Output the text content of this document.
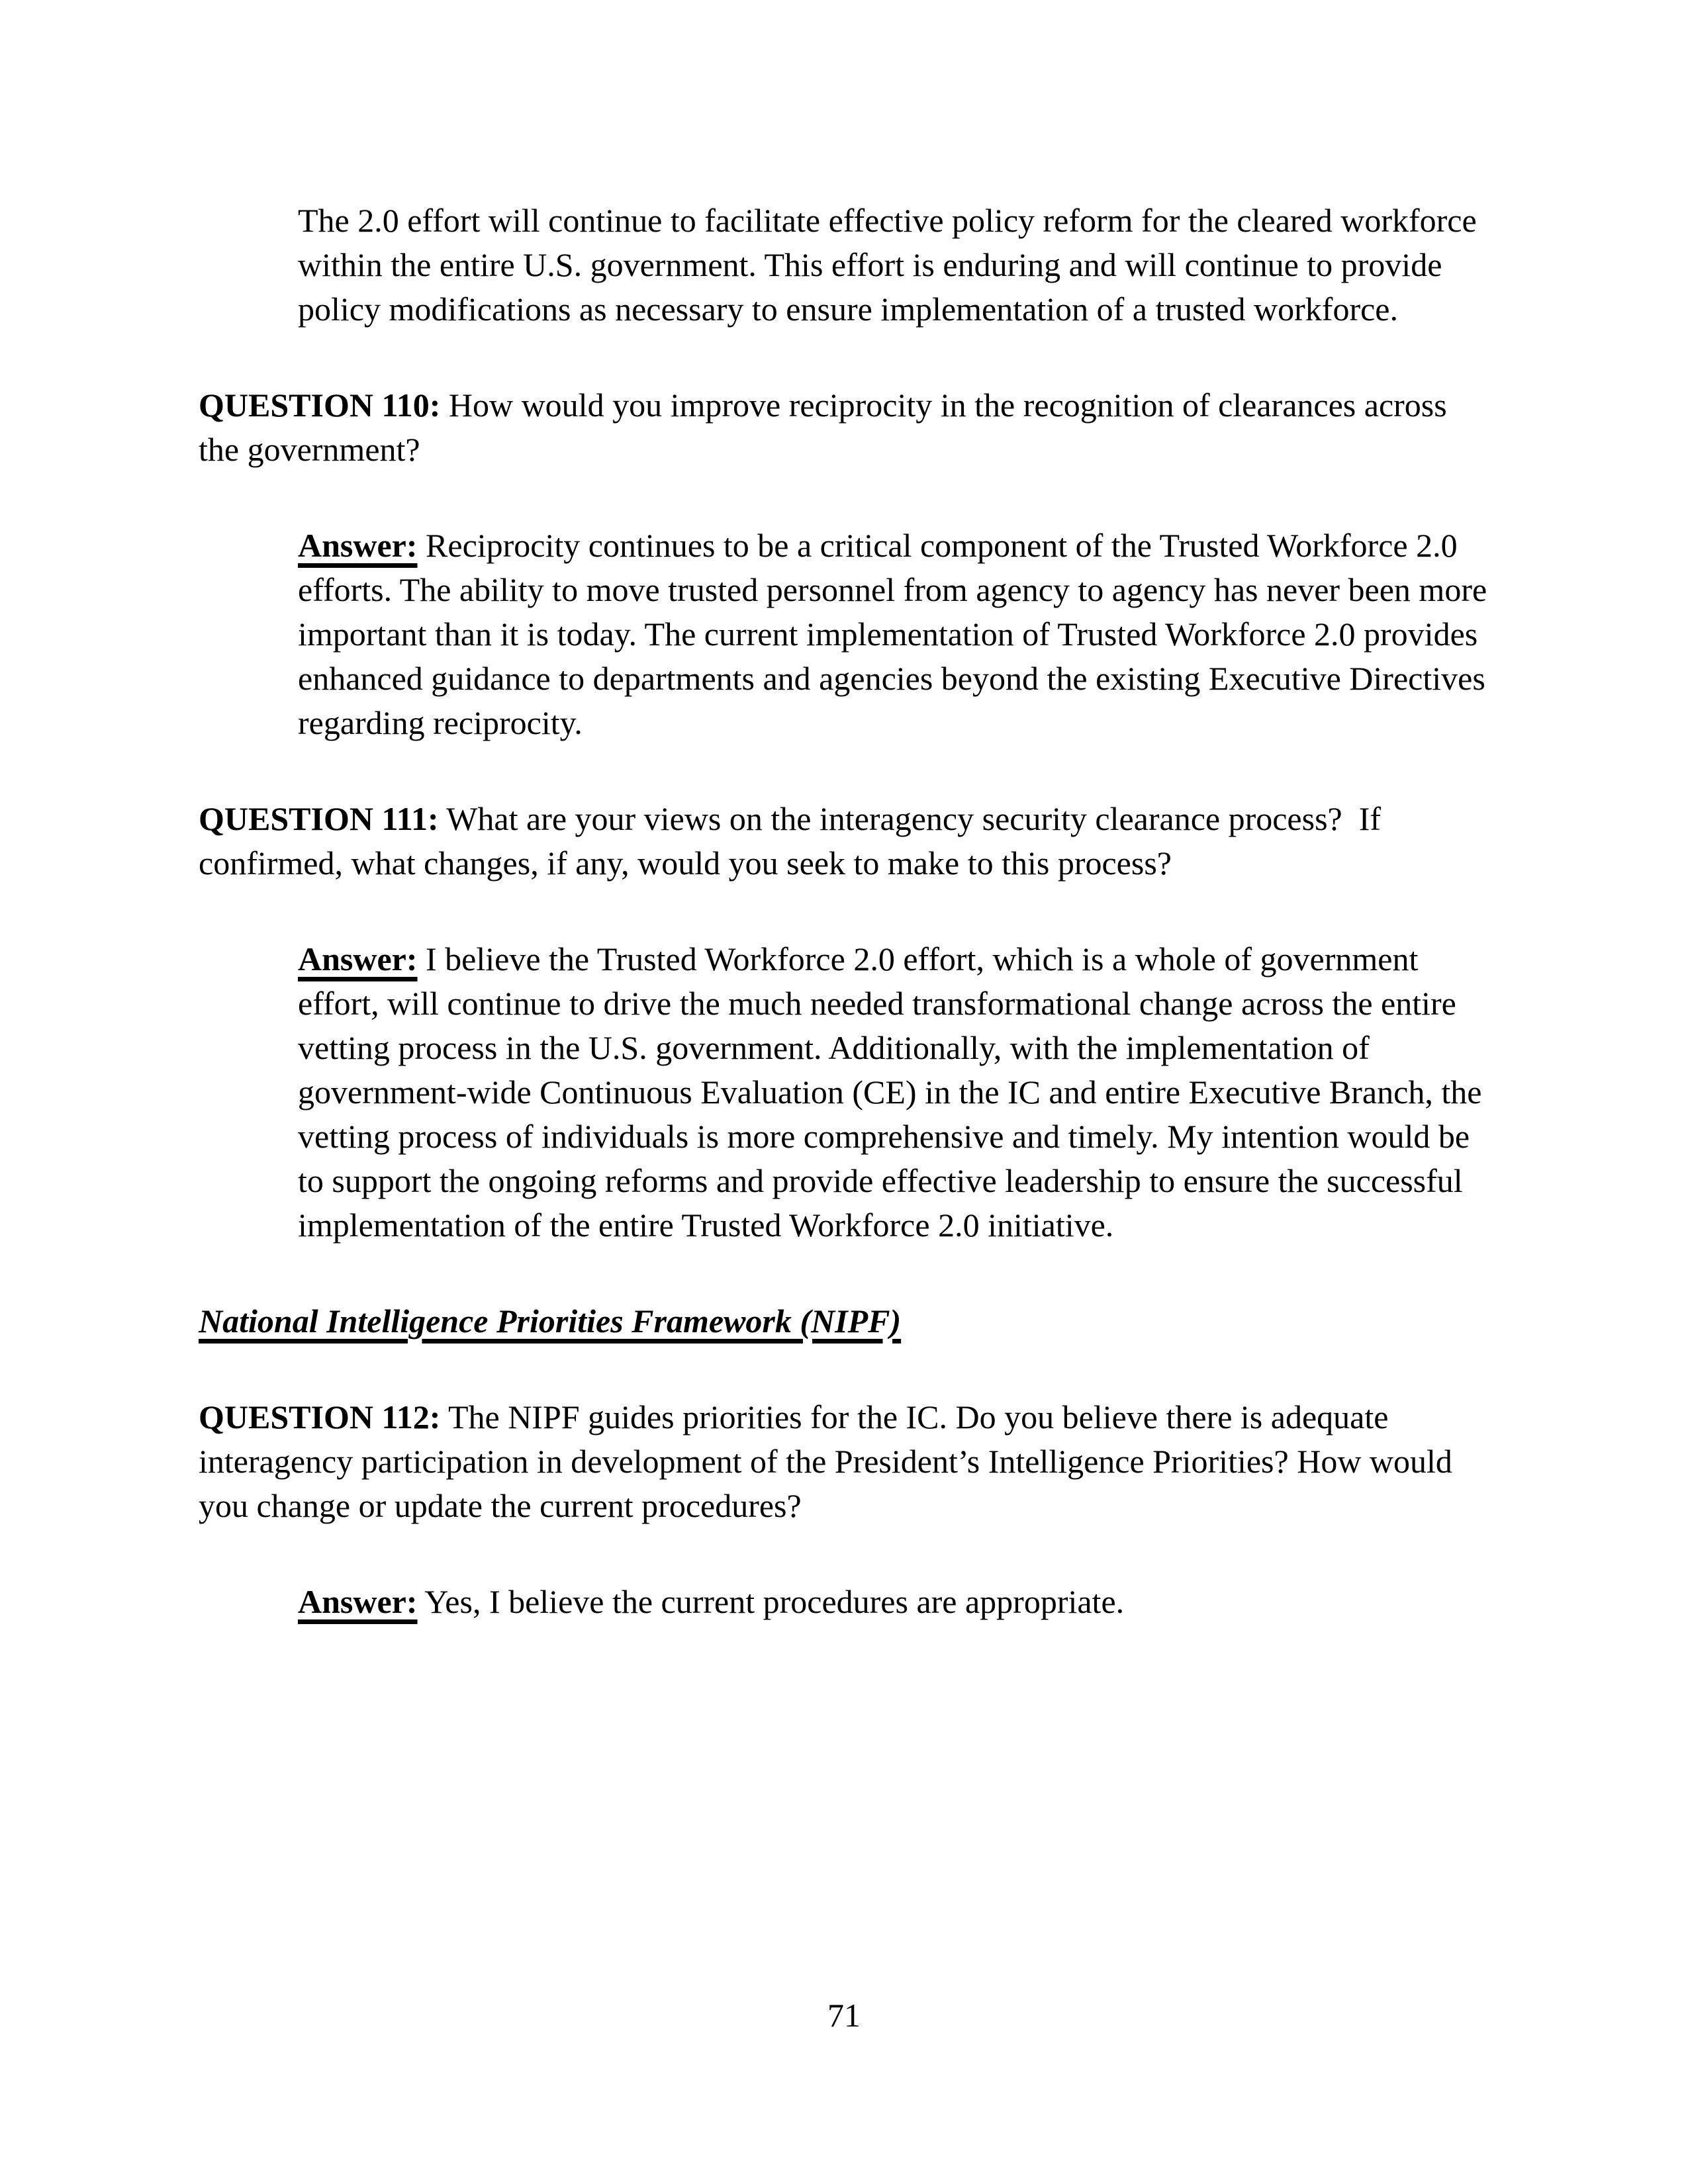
The 2.0 effort will continue to facilitate effective policy reform for the cleared workforce within the entire U.S. government. This effort is enduring and will continue to provide policy modifications as necessary to ensure implementation of a trusted workforce.

QUESTION 110: How would you improve reciprocity in the recognition of clearances across the government?

Answer: Reciprocity continues to be a critical component of the Trusted Workforce 2.0 efforts. The ability to move trusted personnel from agency to agency has never been more important than it is today. The current implementation of Trusted Workforce 2.0 provides enhanced guidance to departments and agencies beyond the existing Executive Directives regarding reciprocity.

QUESTION 111: What are your views on the interagency security clearance process?  If confirmed, what changes, if any, would you seek to make to this process?

Answer: I believe the Trusted Workforce 2.0 effort, which is a whole of government effort, will continue to drive the much needed transformational change across the entire vetting process in the U.S. government. Additionally, with the implementation of government-wide Continuous Evaluation (CE) in the IC and entire Executive Branch, the vetting process of individuals is more comprehensive and timely. My intention would be to support the ongoing reforms and provide effective leadership to ensure the successful implementation of the entire Trusted Workforce 2.0 initiative.

National Intelligence Priorities Framework (NIPF)

QUESTION 112: The NIPF guides priorities for the IC. Do you believe there is adequate interagency participation in development of the President’s Intelligence Priorities? How would you change or update the current procedures?

Answer: Yes, I believe the current procedures are appropriate.

71
